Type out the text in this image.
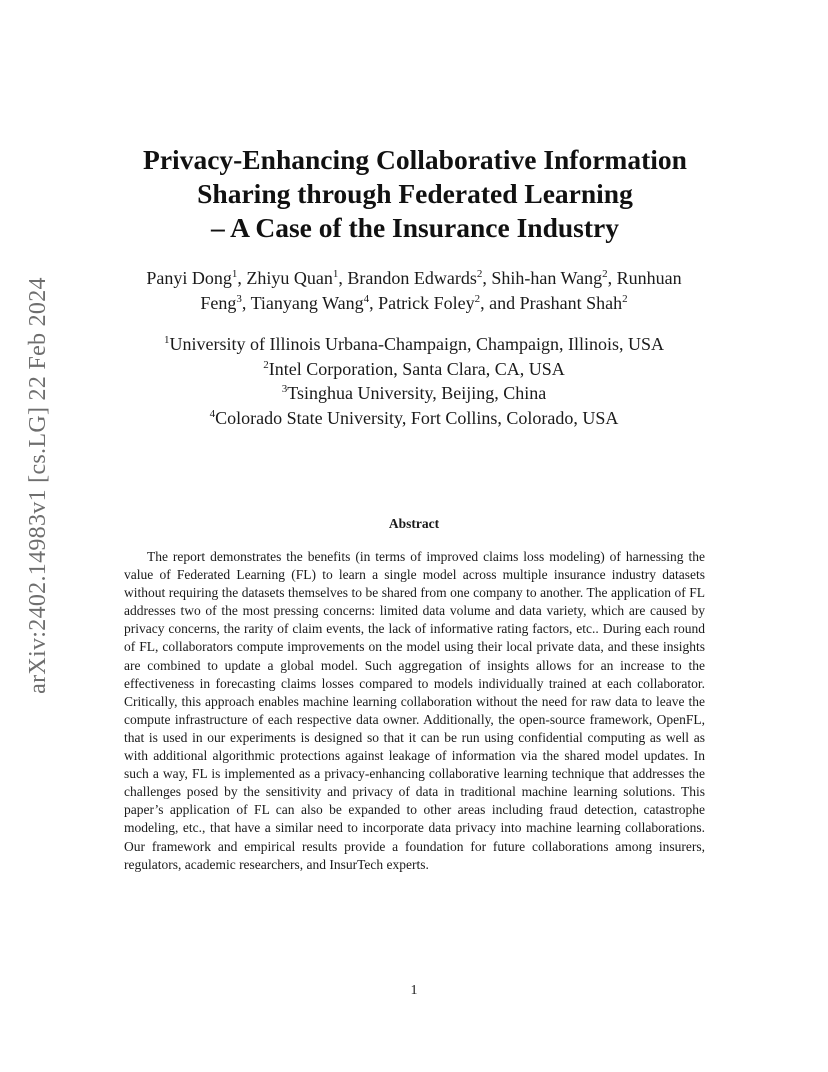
arXiv:2402.14983v1 [cs.LG] 22 Feb 2024
Privacy-Enhancing Collaborative Information
Sharing through Federated Learning
– A Case of the Insurance Industry
Panyi Dong$^1$, Zhiyu Quan$^1$, Brandon Edwards$^2$, Shih-han Wang$^2$, Runhuan
Feng$^3$, Tianyang Wang$^4$, Patrick Foley$^2$, and Prashant Shah$^2$
$^1$University of Illinois Urbana-Champaign, Champaign, Illinois, USA
$^2$Intel Corporation, Santa Clara, CA, USA
$^3$Tsinghua University, Beijing, China
$^4$Colorado State University, Fort Collins, Colorado, USA
Abstract

The report demonstrates the benefits (in terms of improved claims loss modeling) of harnessing the value of Federated Learning (FL) to learn a single model across multiple insurance industry datasets without requiring the datasets themselves to be shared from one company to another. The application of FL addresses two of the most pressing concerns: limited data volume and data variety, which are caused by privacy concerns, the rarity of claim events, the lack of informative rating factors, etc.. During each round of FL, collaborators compute improvements on the model using their local private data, and these insights are combined to update a global model. Such aggregation of insights allows for an increase to the effectiveness in forecasting claims losses compared to models individually trained at each collaborator. Critically, this approach enables machine learning collaboration without the need for raw data to leave the compute infrastructure of each respective data owner. Additionally, the open-source framework, OpenFL, that is used in our experiments is designed so that it can be run using confidential computing as well as with additional algorithmic protections against leakage of information via the shared model updates. In such a way, FL is implemented as a privacy-enhancing collaborative learning technique that addresses the challenges posed by the sensitivity and privacy of data in traditional machine learning solutions. This paper’s application of FL can also be expanded to other areas including fraud detection, catastrophe modeling, etc., that have a similar need to incorporate data privacy into machine learning collaborations. Our framework and empirical results provide a foundation for future collaborations among insurers, regulators, academic researchers, and InsurTech experts.

1
